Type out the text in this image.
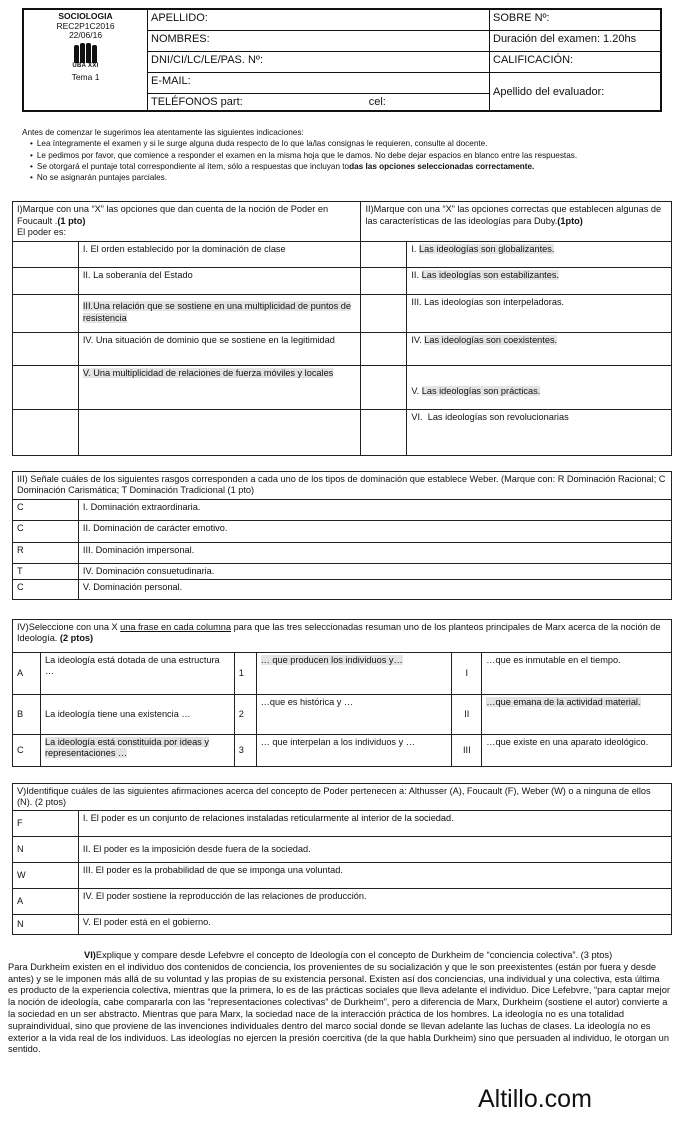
SOCIOLOGIA
REC2P1C2016
22/06/16
UBA XXI
Tema 1
APELLIDO:
NOMBRES:
DNI/CI/LC/LE/PAS. Nº:
E-MAIL:
TELÉFONOS part:	cel:
SOBRE Nº:
Duración del examen: 1.20hs
CALIFICACIÓN:
Apellido del evaluador:
Antes de comenzar le sugerimos lea atentamente las siguientes indicaciones:
• Lea íntegramente el examen y si le surge alguna duda respecto de lo que la/las consignas le requieren, consulte al docente.
• Le pedimos por favor, que comience a responder el examen en la misma hoja que le damos. No debe dejar espacios en blanco entre las respuestas.
• Se otorgará el puntaje total correspondiente al ítem, sólo a respuestas que incluyan todas las opciones seleccionadas correctamente.
• No se asignarán puntajes parciales.
I)Marque con una “X” las opciones que dan cuenta de la noción de Poder en Foucault .(1 pto)
El poder es:		II)Marque con una “X” las opciones correctas que establecen algunas de las características de las ideologías para Duby.(1pto)	
	I. El orden establecido por la dominación de clase		I. Las ideologías son globalizantes.
	II. La soberanía del Estado		II. Las ideologías son estabilizantes.
	III.Una relación que se sostiene en una multiplicidad de puntos de resistencia		III. Las ideologías son interpeladoras.
	IV. Una situación de dominio que se sostiene en la legitimidad		IV. Las ideologías son coexistentes.
	V. Una multiplicidad de relaciones de fuerza móviles y locales		V. Las ideologías son prácticas.
			VI. Las ideologías son revolucionarias
III) Señale cuáles de los siguientes rasgos corresponden a cada uno de los tipos de dominación que establece Weber. (Marque con: R Dominación Racional; C Dominación Carismática; T Dominación Tradicional (1 pto)	
C	I. Dominación extraordinaria.
C	II. Dominación de carácter emotivo.
R	III. Dominación impersonal.
T	IV. Dominación consuetudinaria.
C	V. Dominación personal.
IV)Seleccione con una X una frase en cada columna para que las tres seleccionadas resuman uno de los planteos principales de Marx acerca de la noción de Ideología. (2 ptos)					
A	La ideología está dotada de una estructura …	1	… que producen los individuos y…	I	…que es inmutable en el tiempo.
B	La ideología tiene una existencia …	2	…que es histórica y …	II	…que emana de la actividad material.
C	La ideología está constituida por ideas y representaciones …	3	… que interpelan a los individuos y …	III	…que existe en una aparato ideológico.
V)Identifique cuáles de las siguientes afirmaciones acerca del concepto de Poder pertenecen a: Althusser (A), Foucault (F), Weber (W) o a ninguna de ellos (N). (2 ptos)	
F	I. El poder es un conjunto de relaciones instaladas reticularmente al interior de la sociedad.
N	II. El poder es la imposición desde fuera de la sociedad.
W	III. El poder es la probabilidad de que se imponga una voluntad.
A	IV. El poder sostiene la reproducción de las relaciones de producción.
N	V. El poder está en el gobierno.
VI)Explique y compare desde Lefebvre el concepto de Ideología con el concepto de Durkheim de “conciencia colectiva”. (3 ptos)
Para Durkheim existen en el individuo dos contenidos de conciencia, los provenientes de su socialización y que le son preexistentes (están por fuera y desde antes) y se le imponen más allá de su voluntad y las propias de su existencia personal. Existen así dos conciencias, una individual y una colectiva, esta última es producto de la experiencia colectiva, mientras que la primera, lo es de las prácticas sociales que lleva adelante el individuo. Dice Lefebvre, “para captar mejor la noción de ideología, cabe compararla con las “representaciones colectivas” de Durkheim”, pero a diferencia de Marx, Durkheim (sostiene el autor) convierte a la sociedad en un ser abstracto. Mientras que para Marx, la sociedad nace de la interacción práctica de los hombres. La ideología no es una totalidad supraindividual, sino que proviene de las invenciones individuales dentro del marco social donde se llevan adelante las luchas de clases. La ideología no es exterior a la vida real de los individuos. Las ideologías no ejercen la presión coercitiva (de la que habla Durkheim) sino que persuaden al individuo, le otorgan un sentido.
Altillo.com
